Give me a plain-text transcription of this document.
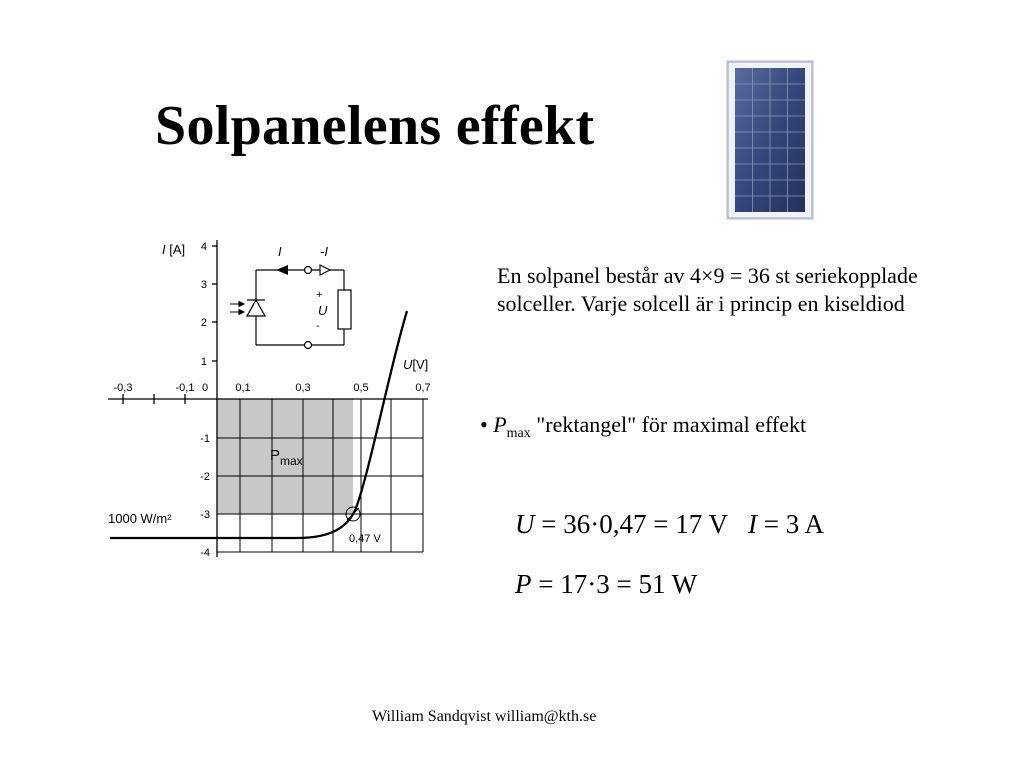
Solpanelens effekt
I [A]
U[V]
-0,3	-0,1 0 0,1	0,3	0,5	0,7
4
3
2
1
-1
-2
-3
-4
$P_{max}$
1000 W/m²
0,47 V
I	-I
+
U
-

En solpanel består av 4×9 = 36 st seriekopplade solceller. Varje solcell är i princip en kiseldiod

• $P_{max}$ "rektangel" för maximal effekt
U = 36·0,47 = 17 V I = 3 A
P = 17·3 = 51 W
William Sandqvist william@kth.se
